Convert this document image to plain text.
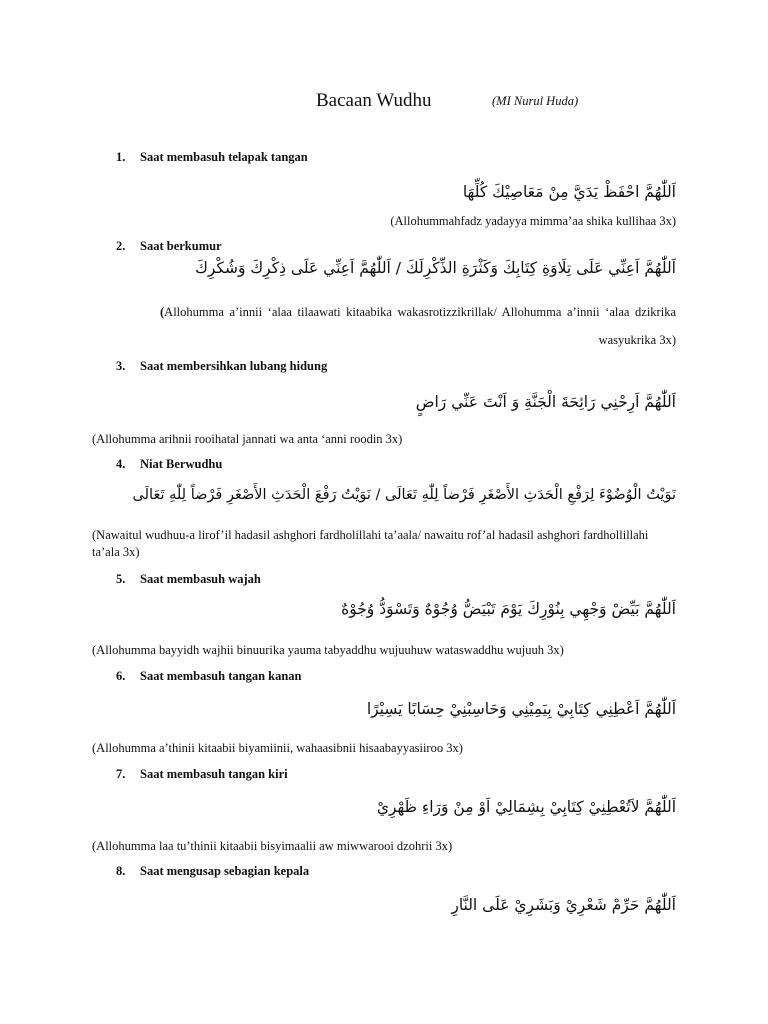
Bacaan Wudhu	(MI Nurul Huda)
1. Saat membasuh telapak tangan
اَللّٰهُمَّ احْفَظْ يَدَيَّ مِنْ مَعَاصِيْكَ كُلِّهَا
(Allohummahfadz yadayya mimma’aa shika kullihaa 3x)
2. Saat berkumur
اَللّٰهُمَّ اَعِنِّي عَلَى تِلَاوَةِ كِتَابِكَ وَكَثْرَةِ الذِّكْرِلَكَ / اَللّٰهُمَّ اَعِنِّي عَلَى ذِكْرِكَ وَشُكْرِكَ
(Allohumma a’innii ‘alaa tilaawati kitaabika wakasrotizzikrillak/ Allohumma a’innii ‘alaa dzikrika wasyukrika 3x)
3. Saat membersihkan lubang hidung
اَللّٰهُمَّ اَرِحْنِي رَائِحَةَ الْجَنَّةِ وَ اَنْتَ عَنِّي رَاضٍ
(Allohumma arihnii rooihatal jannati wa anta ‘anni roodin 3x)
4. Niat Berwudhu
نَوَيْتُ الْوُضُوْءَ لِرَفْعِ الْحَدَثِ الأَصْغَرِ فَرْضاً لِلّٰهِ تَعَالَى / نَوَيْتُ رَفْعَ الْحَدَثِ الأَصْغَرِ فَرْضاً لِلّٰهِ تَعَالَى
(Nawaitul wudhuu-a lirof’il hadasil ashghori fardholillahi ta’aala/ nawaitu rof’al hadasil ashghori fardhollillahi ta’ala 3x)
5. Saat membasuh wajah
اَللّٰهُمَّ بَيِّضْ وَجْهِي بِنُوْرِكَ يَوْمَ تَبْيَضُّ وُجُوْهٌ وَتَسْوَدُّ وُجُوْهٌ
(Allohumma bayyidh wajhii binuurika yauma tabyaddhu wujuuhuw wataswaddhu wujuuh 3x)
6. Saat membasuh tangan kanan
اَللّٰهُمَّ اَعْطِنِي كِتَابِيْ بِيَمِيْنِي وَحَاسِبْنِيْ حِسَابًا يَسِيْرًا
(Allohumma a’thinii kitaabii biyamiinii, wahaasibnii hisaabayyasiiroo 3x)
7. Saat membasuh tangan kiri
اَللّٰهُمَّ لاَتُعْطِنِيْ كِتَابِيْ بِشِمَالِيْ اَوْ مِنْ وَرَاءِ ظَهْرِيْ
(Allohumma laa tu’thinii kitaabii bisyimaalii aw miwwarooi dzohrii 3x)
8. Saat mengusap sebagian kepala
اَللّٰهُمَّ حَرِّمْ شَعْرِيْ وَبَشَرِيْ عَلَى النَّارِ
